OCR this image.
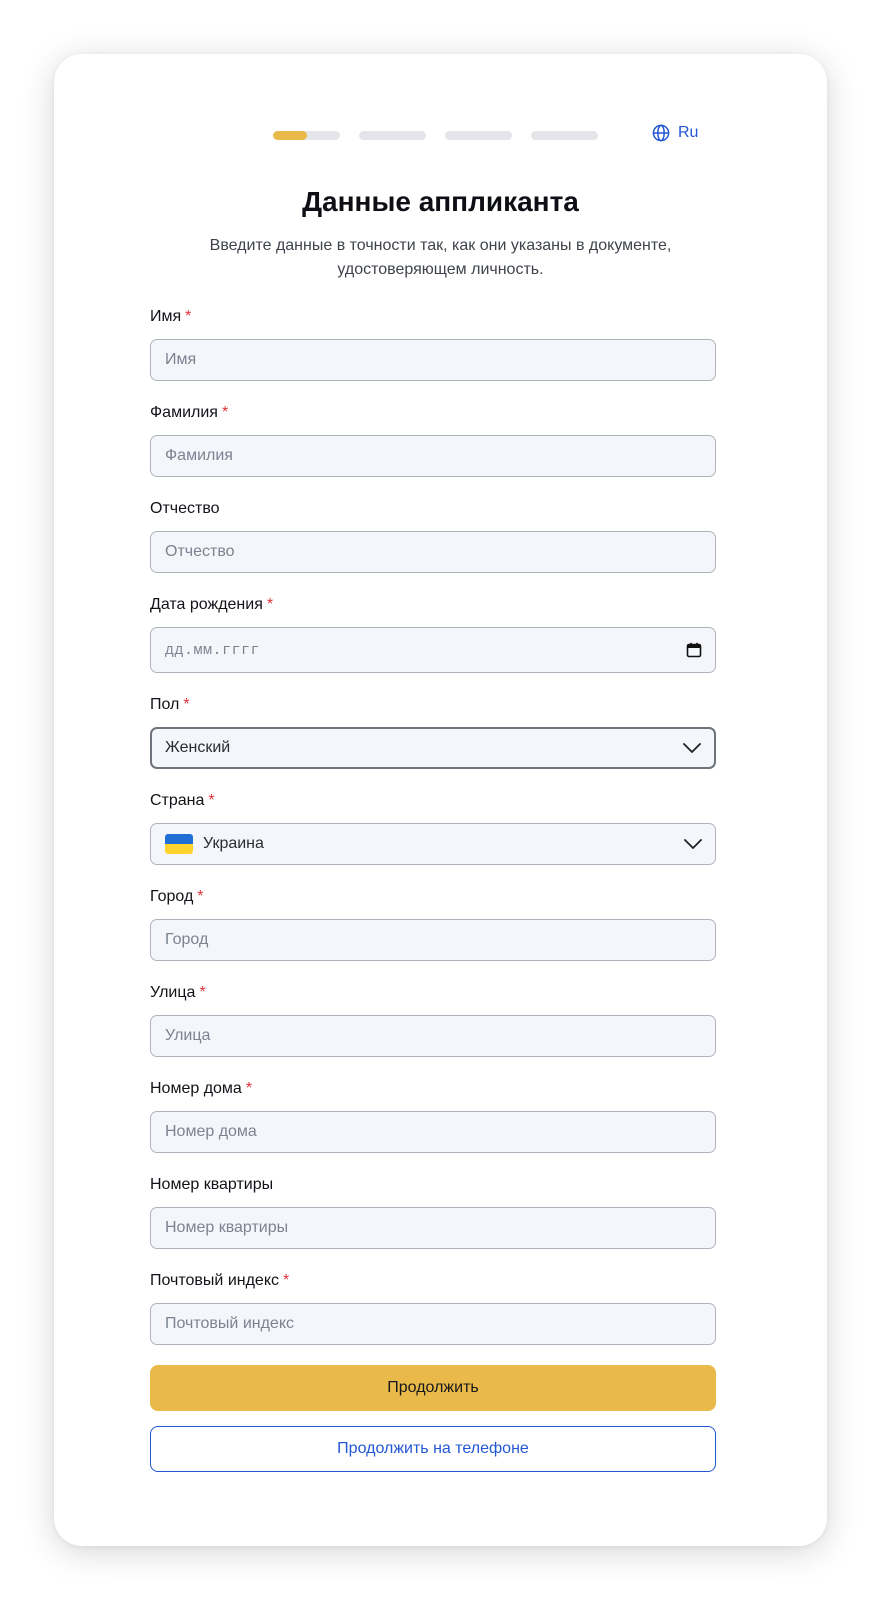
Ru
Данные аппликанта
Введите данные в точности так, как они указаны в документе, удостоверяющем личность.
Имя *
Имя
Фамилия *
Фамилия
Отчество
Отчество
Дата рождения *
дд.мм.гггг
Пол *
Женский
Страна *
Украина
Город *
Город
Улица *
Улица
Номер дома *
Номер дома
Номер квартиры
Номер квартиры
Почтовый индекс *
Почтовый индекс
Продолжить
Продолжить на телефоне
